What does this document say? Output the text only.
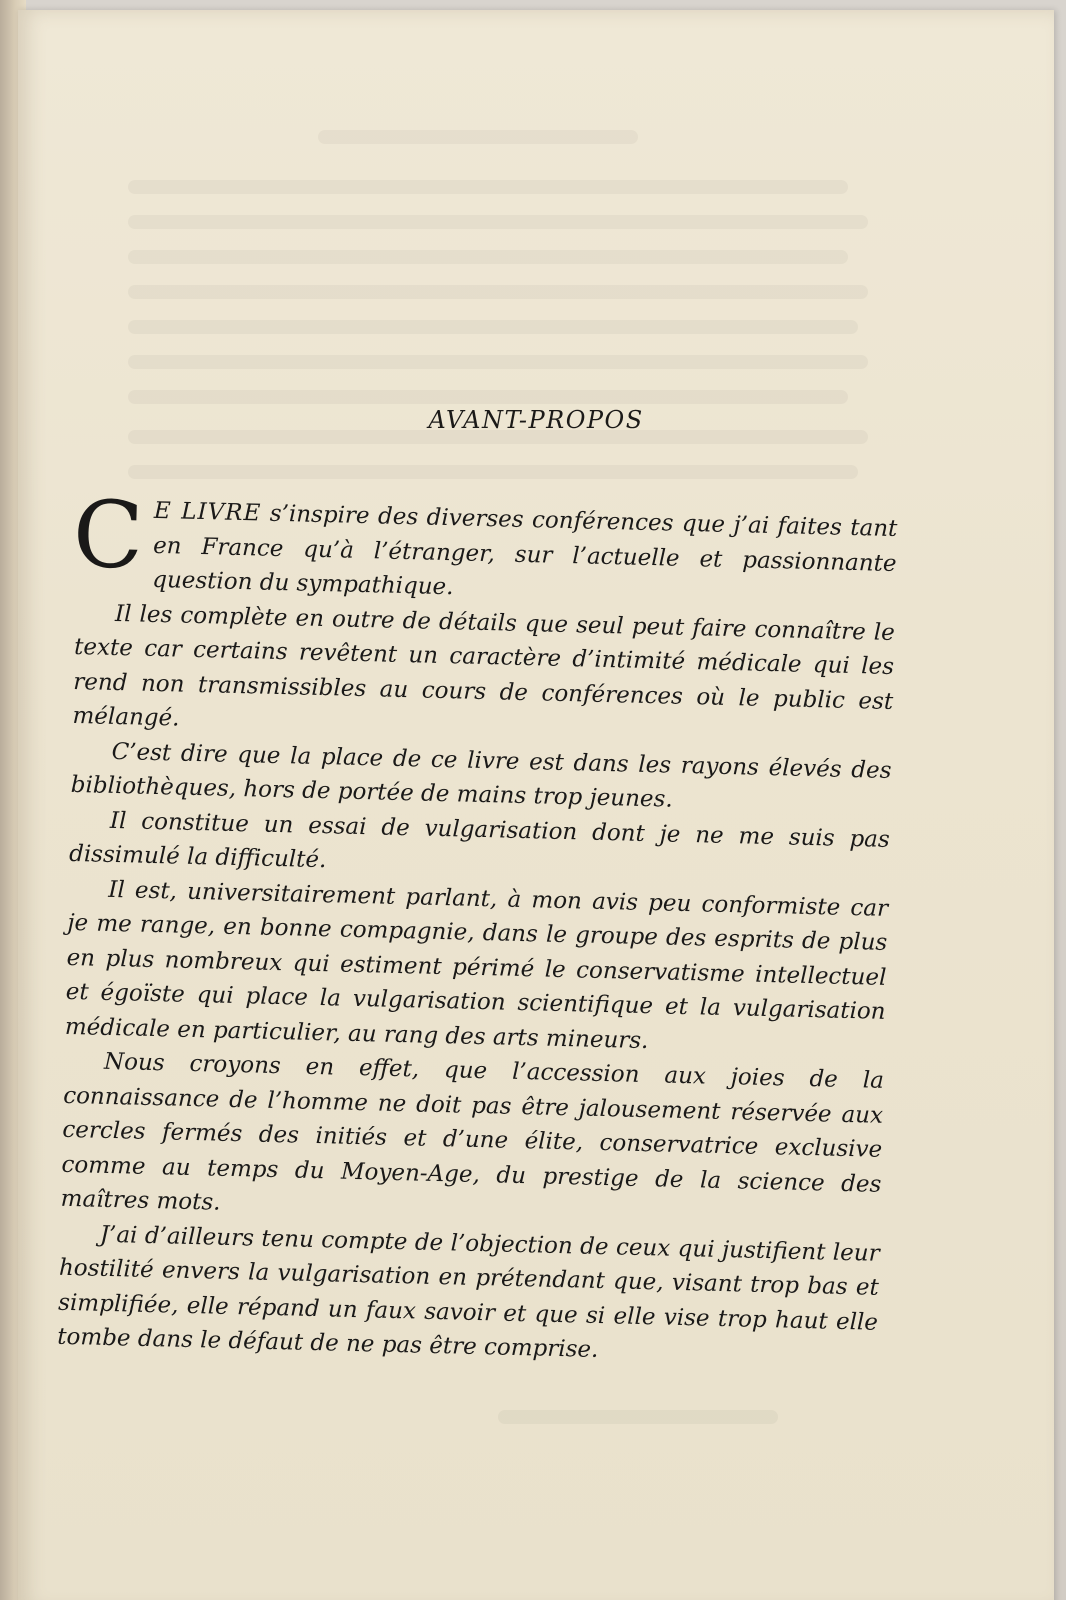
AVANT-PROPOS

C E LIVRE s’inspire des diverses conférences que j’ai faites tant en France qu’à l’étranger, sur l’actuelle et passionnante question du sympathique.

Il les complète en outre de détails que seul peut faire connaître le texte car certains revêtent un caractère d’intimité médicale qui les rend non transmissibles au cours de conférences où le public est mélangé.

C’est dire que la place de ce livre est dans les rayons élevés des bibliothèques, hors de portée de mains trop jeunes.

Il constitue un essai de vulgarisation dont je ne me suis pas dissimulé la difficulté.

Il est, universitairement parlant, à mon avis peu conformiste car je me range, en bonne compagnie, dans le groupe des esprits de plus en plus nombreux qui estiment périmé le conservatisme intellectuel et égoïste qui place la vulgarisation scientifique et la vulgarisation médicale en particulier, au rang des arts mineurs.

Nous croyons en effet, que l’accession aux joies de la connaissance de l’homme ne doit pas être jalousement réservée aux cercles fermés des initiés et d’une élite, conservatrice exclusive comme au temps du Moyen-Age, du prestige de la science des maîtres mots.

J’ai d’ailleurs tenu compte de l’objection de ceux qui justifient leur hostilité envers la vulgarisation en prétendant que, visant trop bas et simplifiée, elle répand un faux savoir et que si elle vise trop haut elle tombe dans le défaut de ne pas être comprise.
